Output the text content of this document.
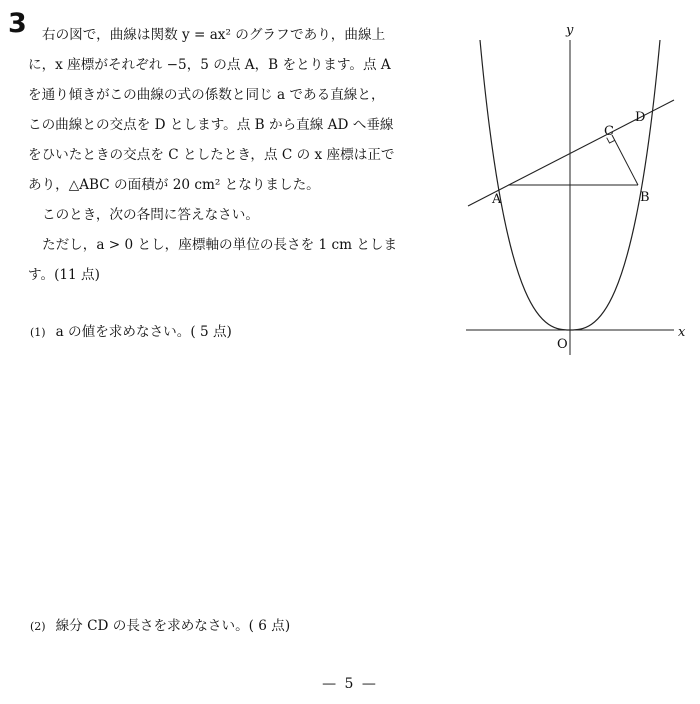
3	右の図で，曲線は関数 y = ax² のグラフであり，曲線上

に，x 座標がそれぞれ −5，5 の点 A，B をとります。点 A

を通り傾きがこの曲線の式の係数と同じ a である直線と，

この曲線との交点を D とします。点 B から直線 AD へ垂線

をひいたときの交点を C としたとき，点 C の x 座標は正で

あり，△ABC の面積が 20 cm² となりました。

このとき，次の各問に答えなさい。

ただし，a > 0 とし，座標軸の単位の長さを 1 cm としま

す。(11 点)

(1) a の値を求めなさい。( 5 点)
(2) 線分 CD の長さを求めなさい。( 6 点)
x
y
O
A	B
C
D
— 5 —
